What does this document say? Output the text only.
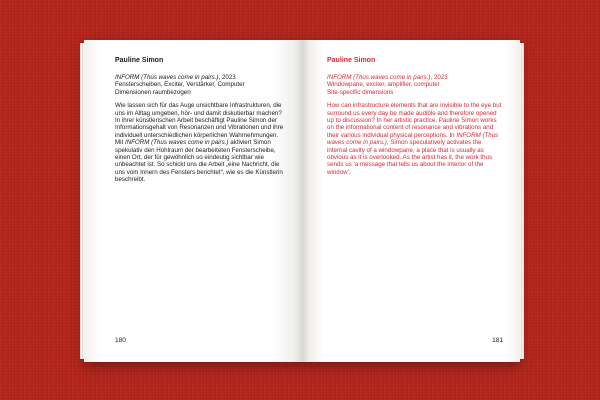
Pauline Simon

INFORM (Thus waves come in pairs.), 2023

Fensterscheiben, Exciter, Verstärker, Computer

Dimensionen raumbezogen

Wie lassen sich für das Auge unsichtbare Infrastrukturen, die uns im Alltag umgeben, hör- und damit diskutierbar machen? In ihrer künstlerischen Arbeit beschäftigt Pauline Simon der Informationsgehalt von Resonanzen und Vibrationen und ihre individuell unterschiedlichen körperlichen Wahrnehmungen. Mit INFORM (Thus waves come in pairs.) aktiviert Simon spekulativ den Hohlraum der bearbeiteten Fensterscheibe, einen Ort, der für gewöhnlich so eindeutig sichtbar wie unbeachtet ist. So schickt uns die Arbeit „eine Nachricht, die uns vom Innern des Fensters berichtet“, wie es die Künstlerin beschreibt.

180

Pauline Simon

INFORM (Thus waves come in pairs.), 2023

Windowpane, exciter, amplifier, computer

Site-specific dimensions

How can infrastructure elements that are invisible to the eye but surround us every day be made audible and therefore opened up to discussion? In her artistic practice, Pauline Simon works on the informational content of resonance and vibrations and their various individual physical perceptions. In INFORM (Thus waves come in pairs.), Simon speculatively activates the internal cavity of a windowpane, a place that is usually as obvious as it is overlooked. As the artist has it, the work thus sends us ‘a message that tells us about the interior of the window’.

181
